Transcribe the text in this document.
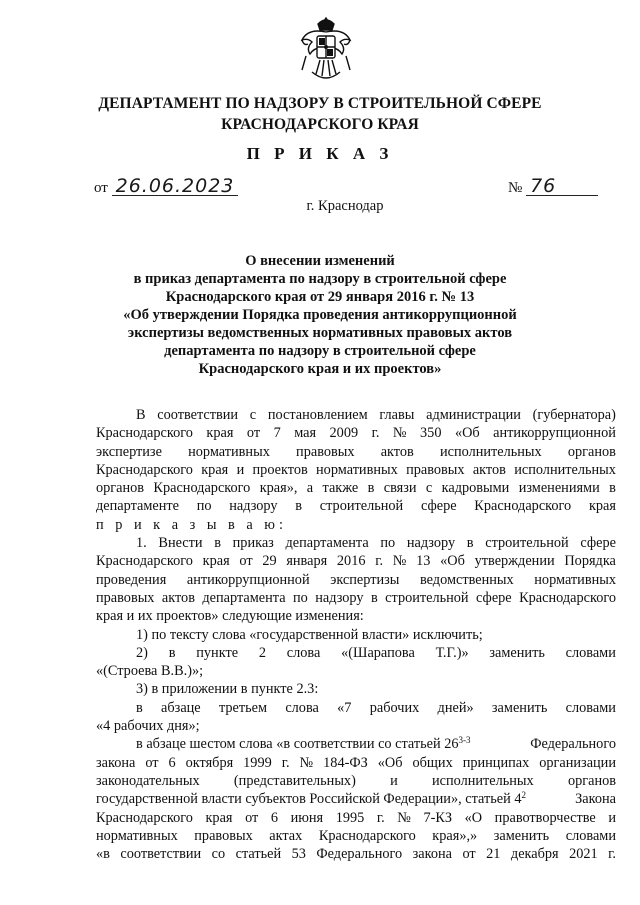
ДЕПАРТАМЕНТ ПО НАДЗОРУ В СТРОИТЕЛЬНОЙ СФЕРЕ
КРАСНОДАРСКОГО КРАЯ
П Р И К А З
от 26.06.2023	№ 76
г. Краснодар
О внесении изменений
в приказ департамента по надзору в строительной сфере
Краснодарского края от 29 января 2016 г. № 13
«Об утверждении Порядка проведения антикоррупционной
экспертизы ведомственных нормативных правовых актов
департамента по надзору в строительной сфере
Краснодарского края и их проектов»
В соответствии с постановлением главы администрации (губернатора)
Краснодарского края от 7 мая 2009 г. № 350 «Об антикоррупционной
экспертизе нормативных правовых актов исполнительных органов
Краснодарского края и проектов нормативных правовых актов исполнительных
органов Краснодарского края», а также в связи с кадровыми изменениями в
департаменте по надзору в строительной сфере Краснодарского края
п р и к а з ы в а ю:
1. Внести в приказ департамента по надзору в строительной сфере
Краснодарского края от 29 января 2016 г. № 13 «Об утверждении Порядка
проведения антикоррупционной экспертизы ведомственных нормативных
правовых актов департамента по надзору в строительной сфере Краснодарского
края и их проектов» следующие изменения:
1) по тексту слова «государственной власти» исключить;
2) в пункте 2 слова «(Шарапова Т.Г.)» заменить словами
«(Строева В.В.)»;
3) в приложении в пункте 2.3:
в абзаце третьем слова «7 рабочих дней» заменить словами
«4 рабочих дня»;
в абзаце шестом слова «в соответствии со статьей 26$^{3-3}$	Федерального
закона от 6 октября 1999 г. № 184-ФЗ «Об общих принципах организации
законодательных (представительных) и исполнительных органов
государственной власти субъектов Российской Федерации», статьей $4^2$	Закона
Краснодарского края от 6 июня 1995 г. № 7-КЗ «О правотворчестве и
нормативных правовых актах Краснодарского края»,» заменить словами
«в соответствии со статьей 53 Федерального закона от 21 декабря 2021 г.
